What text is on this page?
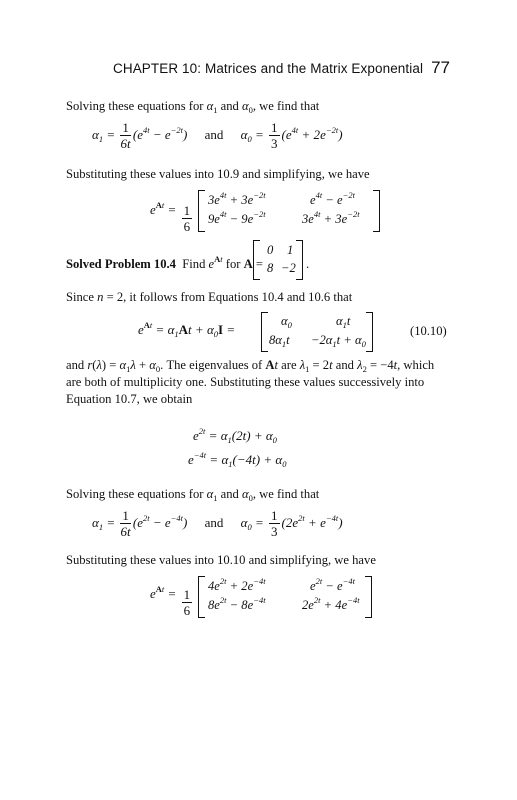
CHAPTER 10: Matrices and the Matrix Exponential 77
Solving these equations for $\alpha_1$ and $\alpha_0$, we find that
$\alpha_1 = \frac{1}{6t} (e^{4t} - e^{-2t})$ and $\alpha_0 = \frac{1}{3} (e^{4t} + 2e^{-2t})$
Substituting these values into 10.9 and simplifying, we have
$e^{At} = \frac{1}{6}$
$3e^{4t} + 3e^{-2t}$	$e^{4t} - e^{-2t}$
$9e^{4t} - 9e^{-2t}$	$3e^{4t} + 3e^{-2t}$
Solved Problem 10.4  Find $e^{At}$ for A =
0 1
8 −2 .
Since n = 2, it follows from Equations 10.4 and 10.6 that
$e^{At} = \alpha_1At + \alpha_0I$ =
$\alpha_0$	$\alpha_1t$
$8\alpha_1t -2\alpha_1t + \alpha_0$
(10.10)
and $r(\lambda) = \alpha_1\lambda + \alpha_0$. The eigenvalues of At are $\lambda_1 = 2t$ and $\lambda_2 = -4t$, which are both of multiplicity one. Substituting these values successively into Equation 10.7, we obtain
$e^{2t} = \alpha_1(2t) + \alpha_0$
$e^{-4t} = \alpha_1(-4t) + \alpha_0$
Solving these equations for $\alpha_1$ and $\alpha_0$, we find that
$\alpha_1 = \frac{1}{6t} (e^{2t} - e^{-4t})$ and $\alpha_0 = \frac{1}{3} (2e^{2t} + e^{-4t})$
Substituting these values into 10.10 and simplifying, we have
$e^{At} = \frac{1}{6}$
$4e^{2t} + 2e^{-4t}$	$e^{2t} - e^{-4t}$
$8e^{2t} - 8e^{-4t}$	$2e^{2t} + 4e^{-4t}$
